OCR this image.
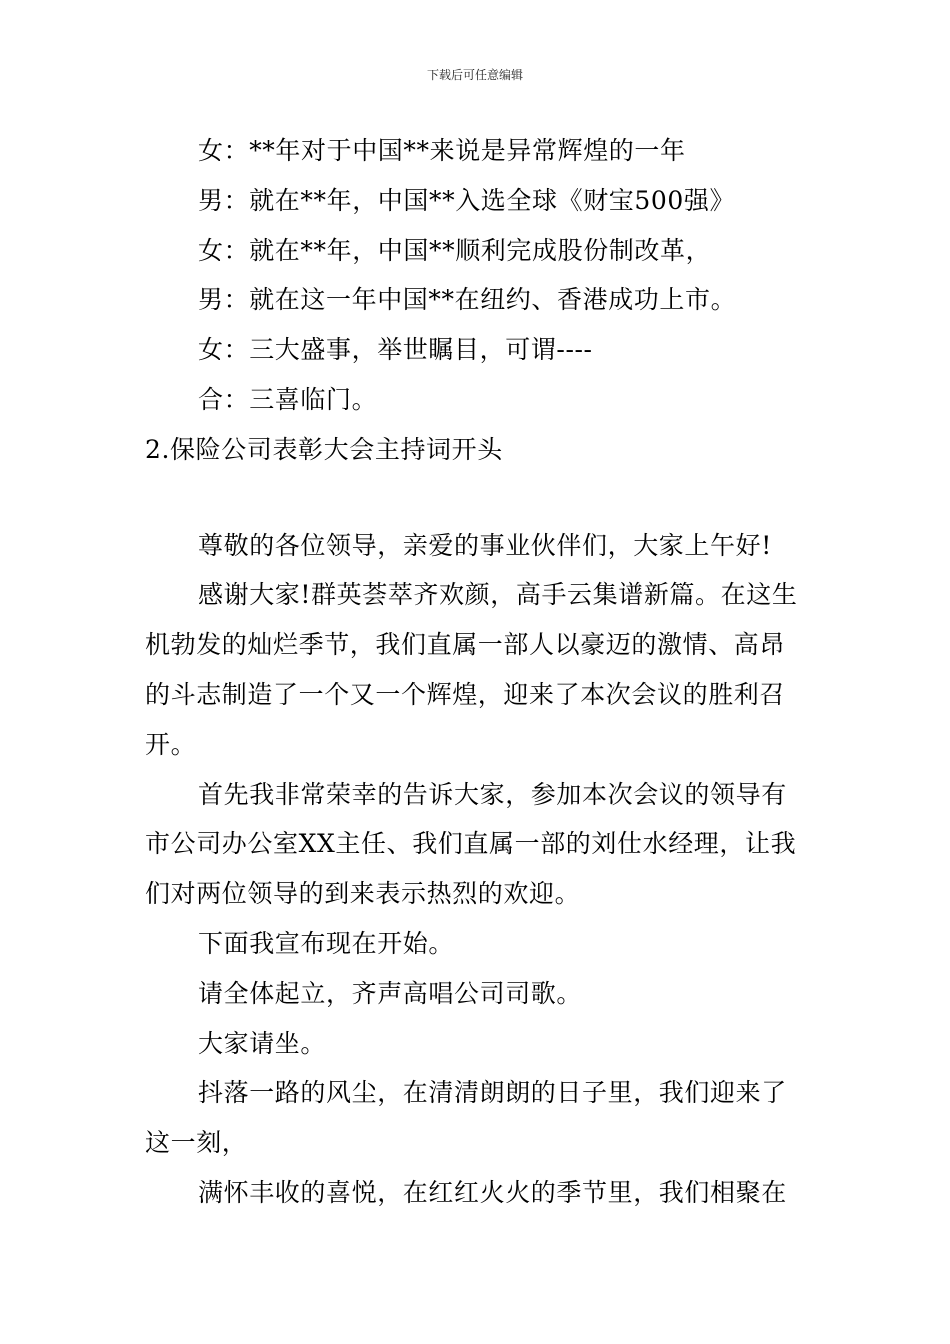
下载后可任意编辑

女：**年对于中国**来说是异常辉煌的一年

男：就在**年，中国**入选全球《财宝500强》

女：就在**年，中国**顺利完成股份制改革，

男：就在这一年中国**在纽约、香港成功上市。

女：三大盛事，举世瞩目，可谓----

合：三喜临门。

2.保险公司表彰大会主持词开头

尊敬的各位领导，亲爱的事业伙伴们，大家上午好!

感谢大家!群英荟萃齐欢颜，高手云集谱新篇。在这生机勃发的灿烂季节，我们直属一部人以豪迈的激情、高昂的斗志制造了一个又一个辉煌，迎来了本次会议的胜利召开。

首先我非常荣幸的告诉大家，参加本次会议的领导有市公司办公室XX主任、我们直属一部的刘仕水经理，让我们对两位领导的到来表示热烈的欢迎。

下面我宣布现在开始。

请全体起立，齐声高唱公司司歌。

大家请坐。

抖落一路的风尘，在清清朗朗的日子里，我们迎来了这一刻，

满怀丰收的喜悦，在红红火火的季节里，我们相聚在
